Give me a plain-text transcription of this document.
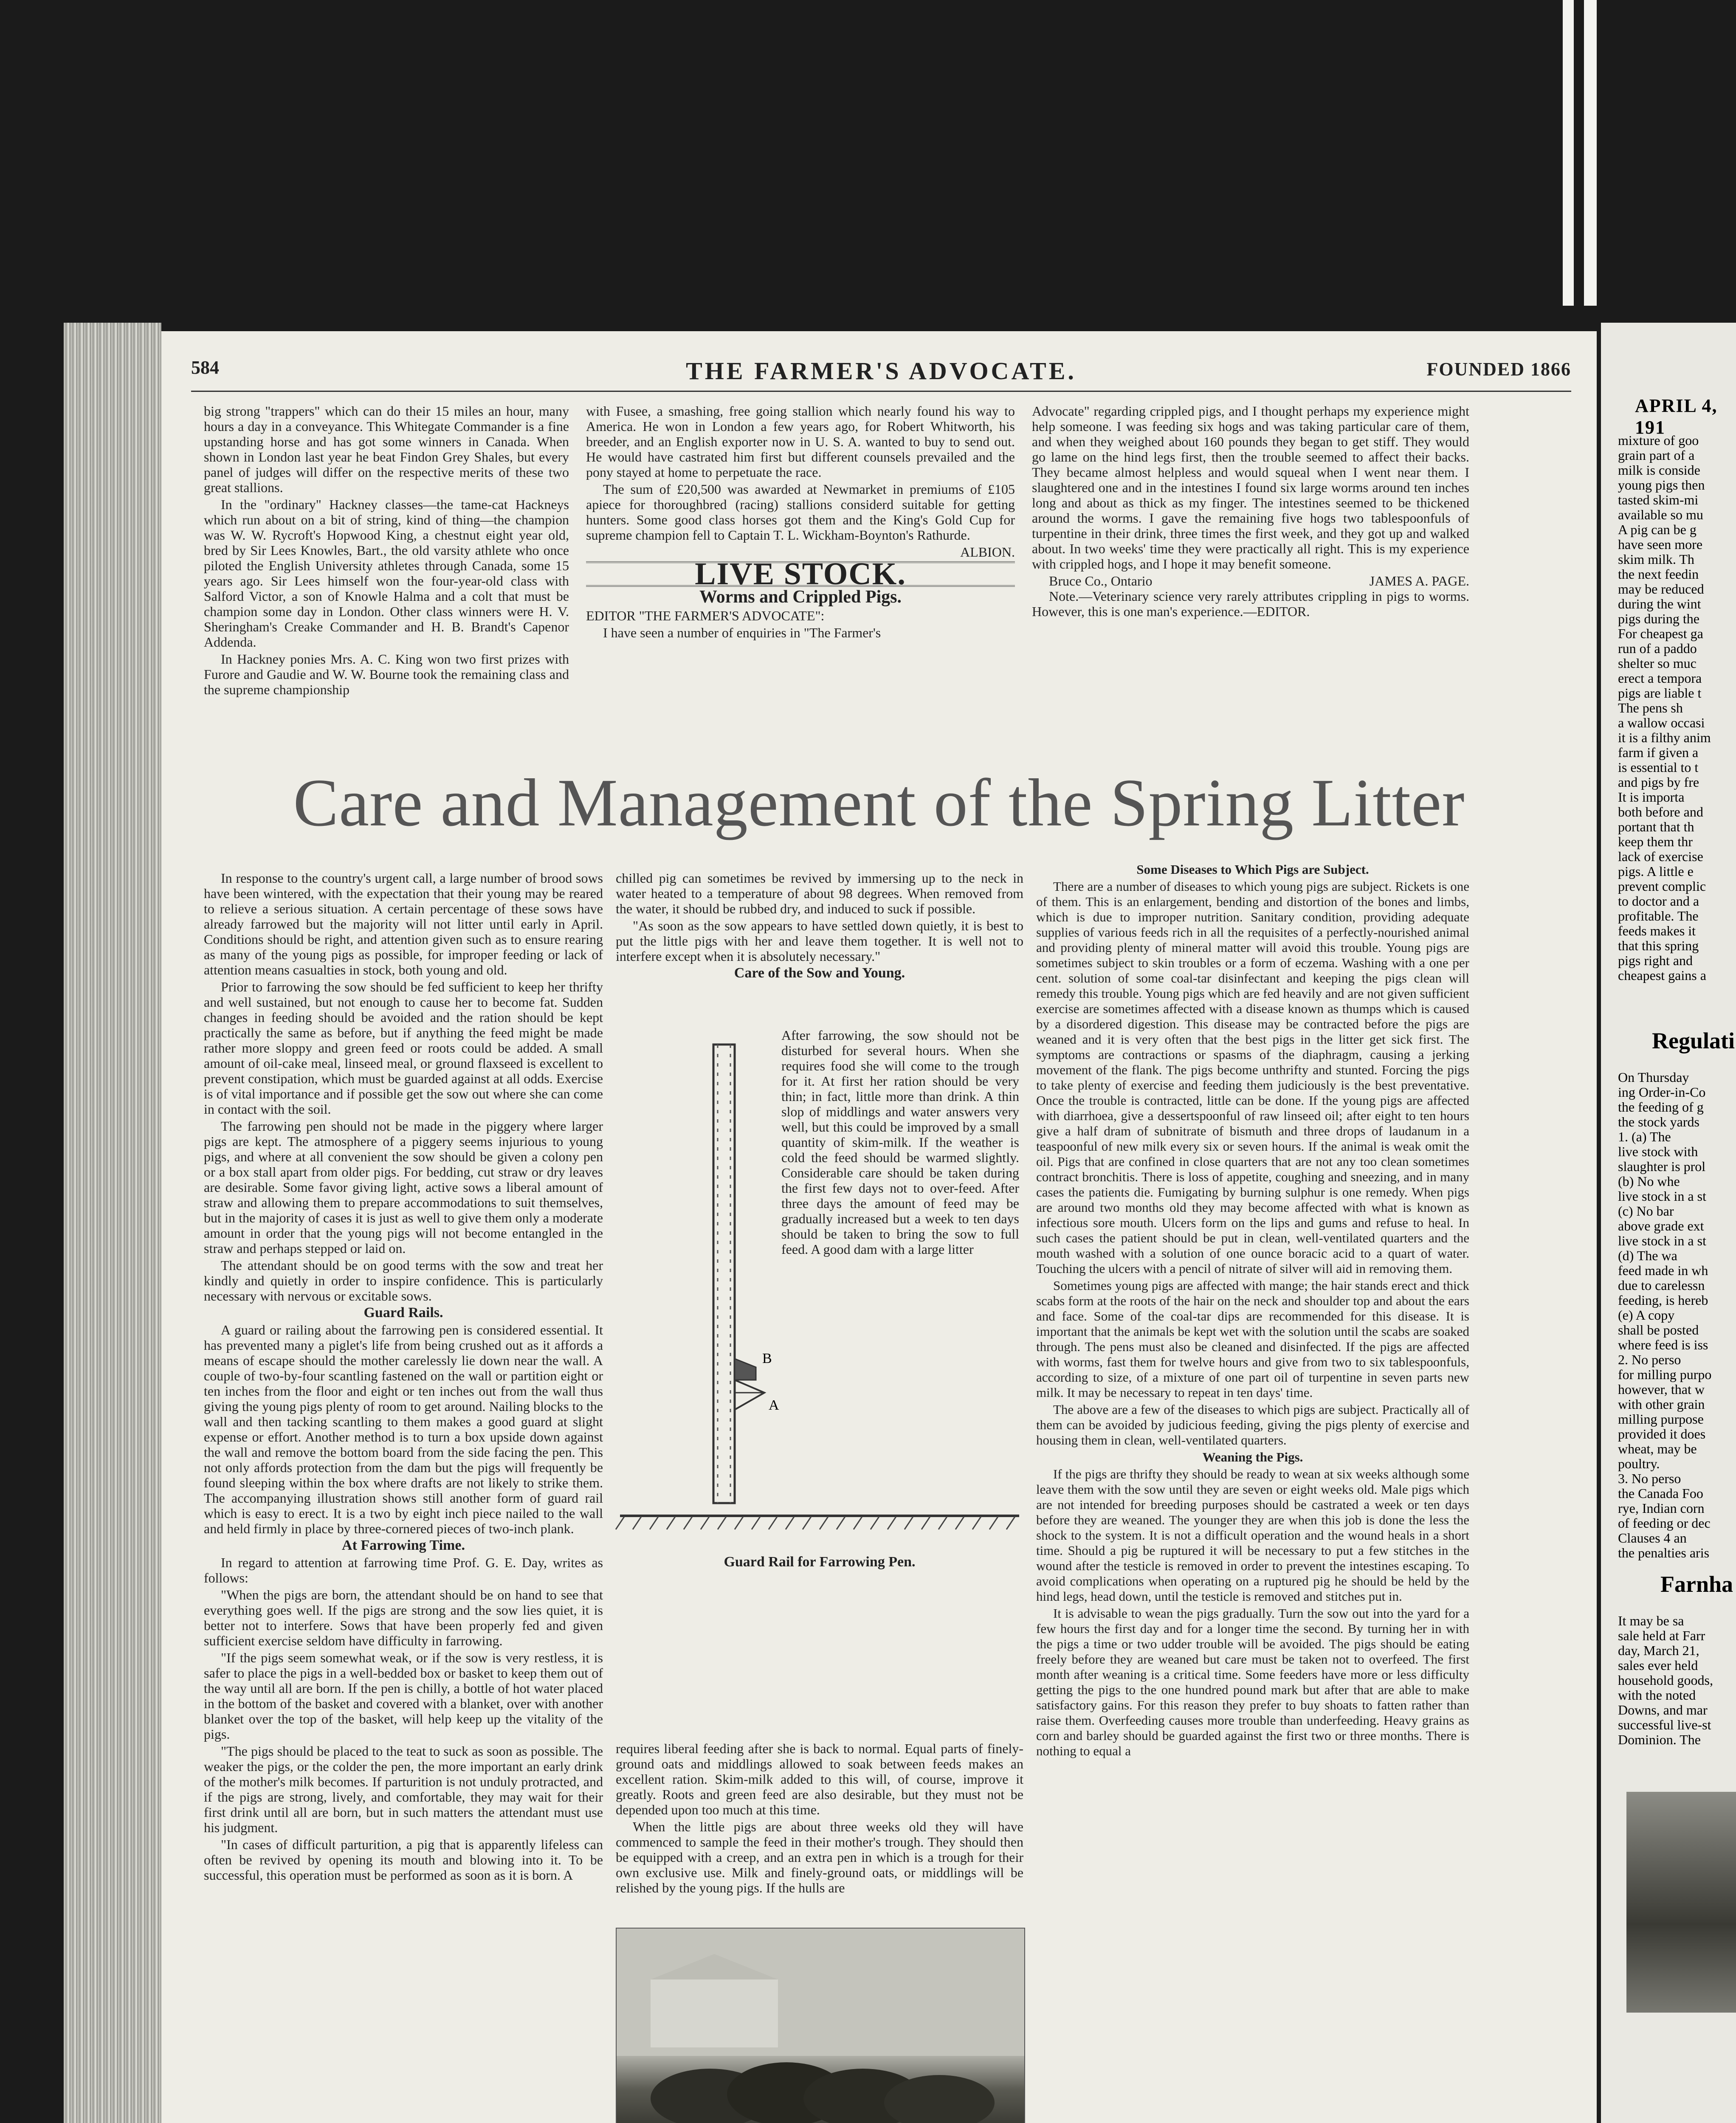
584	THE FARMER'S ADVOCATE.	FOUNDED 1866

big strong "trappers" which can do their 15 miles an hour, many hours a day in a conveyance. This Whitegate Commander is a fine upstanding horse and has got some winners in Canada. When shown in London last year he beat Findon Grey Shales, but every panel of judges will differ on the respective merits of these two great stallions.

In the "ordinary" Hackney classes—the tame-cat Hackneys which run about on a bit of string, kind of thing—the champion was W. W. Rycroft's Hopwood King, a chestnut eight year old, bred by Sir Lees Knowles, Bart., the old varsity athlete who once piloted the English University athletes through Canada, some 15 years ago. Sir Lees himself won the four-year-old class with Salford Victor, a son of Knowle Halma and a colt that must be champion some day in London. Other class winners were H. V. Sheringham's Creake Commander and H. B. Brandt's Capenor Addenda.

In Hackney ponies Mrs. A. C. King won two first prizes with Furore and Gaudie and W. W. Bourne took the remaining class and the supreme championship

with Fusee, a smashing, free going stallion which nearly found his way to America. He won in London a few years ago, for Robert Whitworth, his breeder, and an English exporter now in U. S. A. wanted to buy to send out. He would have castrated him first but different counsels prevailed and the pony stayed at home to perpetuate the race.

The sum of £20,500 was awarded at Newmarket in premiums of £105 apiece for thoroughbred (racing) stallions considerd suitable for getting hunters. Some good class horses got them and the King's Gold Cup for supreme champion fell to Captain T. L. Wickham-Boynton's Rathurde.

ALBION.
LIVE STOCK.
Worms and Crippled Pigs.

EDITOR "THE FARMER'S ADVOCATE":

I have seen a number of enquiries in "The Farmer's

Advocate" regarding crippled pigs, and I thought perhaps my experience might help someone. I was feeding six hogs and was taking particular care of them, and when they weighed about 160 pounds they began to get stiff. They would go lame on the hind legs first, then the trouble seemed to affect their backs. They became almost helpless and would squeal when I went near them. I slaughtered one and in the intestines I found six large worms around ten inches long and about as thick as my finger. The intestines seemed to be thickened around the worms. I gave the remaining five hogs two tablespoonfuls of turpentine in their drink, three times the first week, and they got up and walked about. In two weeks' time they were practically all right. This is my experience with crippled hogs, and I hope it may benefit someone.

Bruce Co., Ontario	JAMES A. PAGE.

Note.—Veterinary science very rarely attributes crippling in pigs to worms. However, this is one man's experience.—EDITOR.

Care and Management of the Spring Litter

In response to the country's urgent call, a large number of brood sows have been wintered, with the expectation that their young may be reared to relieve a serious situation. A certain percentage of these sows have already farrowed but the majority will not litter until early in April. Conditions should be right, and attention given such as to ensure rearing as many of the young pigs as possible, for improper feeding or lack of attention means casualties in stock, both young and old.

Prior to farrowing the sow should be fed sufficient to keep her thrifty and well sustained, but not enough to cause her to become fat. Sudden changes in feeding should be avoided and the ration should be kept practically the same as before, but if anything the feed might be made rather more sloppy and green feed or roots could be added. A small amount of oil-cake meal, linseed meal, or ground flaxseed is excellent to prevent constipation, which must be guarded against at all odds. Exercise is of vital importance and if possible get the sow out where she can come in contact with the soil.

The farrowing pen should not be made in the piggery where larger pigs are kept. The atmosphere of a piggery seems injurious to young pigs, and where at all convenient the sow should be given a colony pen or a box stall apart from older pigs. For bedding, cut straw or dry leaves are desirable. Some favor giving light, active sows a liberal amount of straw and allowing them to prepare accommodations to suit themselves, but in the majority of cases it is just as well to give them only a moderate amount in order that the young pigs will not become entangled in the straw and perhaps stepped or laid on.

The attendant should be on good terms with the sow and treat her kindly and quietly in order to inspire confidence. This is particularly necessary with nervous or excitable sows.

Guard Rails.

A guard or railing about the farrowing pen is considered essential. It has prevented many a piglet's life from being crushed out as it affords a means of escape should the mother carelessly lie down near the wall. A couple of two-by-four scantling fastened on the wall or partition eight or ten inches from the floor and eight or ten inches out from the wall thus giving the young pigs plenty of room to get around. Nailing blocks to the wall and then tacking scantling to them makes a good guard at slight expense or effort. Another method is to turn a box upside down against the wall and remove the bottom board from the side facing the pen. This not only affords protection from the dam but the pigs will frequently be found sleeping within the box where drafts are not likely to strike them. The accompanying illustration shows still another form of guard rail which is easy to erect. It is a two by eight inch piece nailed to the wall and held firmly in place by three-cornered pieces of two-inch plank.

At Farrowing Time.

In regard to attention at farrowing time Prof. G. E. Day, writes as follows:

"When the pigs are born, the attendant should be on hand to see that everything goes well. If the pigs are strong and the sow lies quiet, it is better not to interfere. Sows that have been properly fed and given sufficient exercise seldom have difficulty in farrowing.

"If the pigs seem somewhat weak, or if the sow is very restless, it is safer to place the pigs in a well-bedded box or basket to keep them out of the way until all are born. If the pen is chilly, a bottle of hot water placed in the bottom of the basket and covered with a blanket, over with another blanket over the top of the basket, will help keep up the vitality of the pigs.

"The pigs should be placed to the teat to suck as soon as possible. The weaker the pigs, or the colder the pen, the more important an early drink of the mother's milk becomes. If parturition is not unduly protracted, and if the pigs are strong, lively, and comfortable, they may wait for their first drink until all are born, but in such matters the attendant must use his judgment.

"In cases of difficult parturition, a pig that is apparently lifeless can often be revived by opening its mouth and blowing into it. To be successful, this operation must be performed as soon as it is born. A

chilled pig can sometimes be revived by immersing up to the neck in water heated to a temperature of about 98 degrees. When removed from the water, it should be rubbed dry, and induced to suck if possible.

"As soon as the sow appears to have settled down quietly, it is best to put the little pigs with her and leave them together. It is well not to interfere except when it is absolutely necessary."

Care of the Sow and Young.

B
A
After farrowing, the sow should not be disturbed for several hours. When she requires food she will come to the trough for it. At first her ration should be very thin; in fact, little more than drink. A thin slop of middlings and water answers very well, but this could be improved by a small quantity of skim-milk. If the weather is cold the feed should be warmed slightly. Considerable care should be taken during the first few days not to over-feed. After three days the amount of feed may be gradually increased but a week to ten days should be taken to bring the sow to full feed. A good dam with a large litter
Guard Rail for Farrowing Pen.

requires liberal feeding after she is back to normal. Equal parts of finely-ground oats and middlings allowed to soak between feeds makes an excellent ration. Skim-milk added to this will, of course, improve it greatly. Roots and green feed are also desirable, but they must not be depended upon too much at this time.

When the little pigs are about three weeks old they will have commenced to sample the feed in their mother's trough. They should then be equipped with a creep, and an extra pen in which is a trough for their own exclusive use. Milk and finely-ground oats, or middlings will be relished by the young pigs. If the hulls are

Some Diseases to Which Pigs are Subject.

There are a number of diseases to which young pigs are subject. Rickets is one of them. This is an enlargement, bending and distortion of the bones and limbs, which is due to improper nutrition. Sanitary condition, providing adequate supplies of various feeds rich in all the requisites of a perfectly-nourished animal and providing plenty of mineral matter will avoid this trouble. Young pigs are sometimes subject to skin troubles or a form of eczema. Washing with a one per cent. solution of some coal-tar disinfectant and keeping the pigs clean will remedy this trouble. Young pigs which are fed heavily and are not given sufficient exercise are sometimes affected with a disease known as thumps which is caused by a disordered digestion. This disease may be contracted before the pigs are weaned and it is very often that the best pigs in the litter get sick first. The symptoms are contractions or spasms of the diaphragm, causing a jerking movement of the flank. The pigs become unthrifty and stunted. Forcing the pigs to take plenty of exercise and feeding them judiciously is the best preventative. Once the trouble is contracted, little can be done. If the young pigs are affected with diarrhoea, give a dessertspoonful of raw linseed oil; after eight to ten hours give a half dram of subnitrate of bismuth and three drops of laudanum in a teaspoonful of new milk every six or seven hours. If the animal is weak omit the oil. Pigs that are confined in close quarters that are not any too clean sometimes contract bronchitis. There is loss of appetite, coughing and sneezing, and in many cases the patients die. Fumigating by burning sulphur is one remedy. When pigs are around two months old they may become affected with what is known as infectious sore mouth. Ulcers form on the lips and gums and refuse to heal. In such cases the patient should be put in clean, well-ventilated quarters and the mouth washed with a solution of one ounce boracic acid to a quart of water. Touching the ulcers with a pencil of nitrate of silver will aid in removing them.

Sometimes young pigs are affected with mange; the hair stands erect and thick scabs form at the roots of the hair on the neck and shoulder top and about the ears and face. Some of the coal-tar dips are recommended for this disease. It is important that the animals be kept wet with the solution until the scabs are soaked through. The pens must also be cleaned and disinfected. If the pigs are affected with worms, fast them for twelve hours and give from two to six tablespoonfuls, according to size, of a mixture of one part oil of turpentine in seven parts new milk. It may be necessary to repeat in ten days' time.

The above are a few of the diseases to which pigs are subject. Practically all of them can be avoided by judicious feeding, giving the pigs plenty of exercise and housing them in clean, well-ventilated quarters.

Weaning the Pigs.

If the pigs are thrifty they should be ready to wean at six weeks although some leave them with the sow until they are seven or eight weeks old. Male pigs which are not intended for breeding purposes should be castrated a week or ten days before they are weaned. The younger they are when this job is done the less the shock to the system. It is not a difficult operation and the wound heals in a short time. Should a pig be ruptured it will be necessary to put a few stitches in the wound after the testicle is removed in order to prevent the intestines escaping. To avoid complications when operating on a ruptured pig he should be held by the hind legs, head down, until the testicle is removed and stitches put in.

It is advisable to wean the pigs gradually. Turn the sow out into the yard for a few hours the first day and for a longer time the second. By turning her in with the pigs a time or two udder trouble will be avoided. The pigs should be eating freely before they are weaned but care must be taken not to overfeed. The first month after weaning is a critical time. Some feeders have more or less difficulty getting the pigs to the one hundred pound mark but after that are able to make satisfactory gains. For this reason they prefer to buy shoats to fatten rather than raise them. Overfeeding causes more trouble than underfeeding. Heavy grains as corn and barley should be guarded against the first two or three months. There is nothing to equal a

APRIL 4, 191
mixture of goo
grain part of a
milk is conside
young pigs then
tasted skim-mi
available so mu
A pig can be g
have seen more
skim milk. Th
the next feedin
may be reduced
during the wint
pigs during the
For cheapest ga
run of a paddo
shelter so muc
erect a tempora
pigs are liable t
The pens sh
a wallow occasi
it is a filthy anim
farm if given a
is essential to t
and pigs by fre
It is importa
both before and
portant that th
keep them thr
lack of exercise
pigs. A little e
prevent complic
to doctor and a
profitable. The
feeds makes it
that this spring
pigs right and
cheapest gains a
Regulati
On Thursday
ing Order-in-Co
the feeding of g
the stock yards
1. (a) The
live stock with
slaughter is prol
(b) No whe
live stock in a st
(c) No bar
above grade ext
live stock in a st
(d) The wa
feed made in wh
due to carelessn
feeding, is hereb
(e) A copy
shall be posted
where feed is iss
2. No perso
for milling purpo
however, that w
with other grain
milling purpose
provided it does
wheat, may be
poultry.
3. No perso
the Canada Foo
rye, Indian corn
of feeding or dec
Clauses 4 an
the penalties aris
Farnha
It may be sa
sale held at Farr
day, March 21,
sales ever held
household goods,
with the noted
Downs, and mar
successful live-st
Dominion. The
